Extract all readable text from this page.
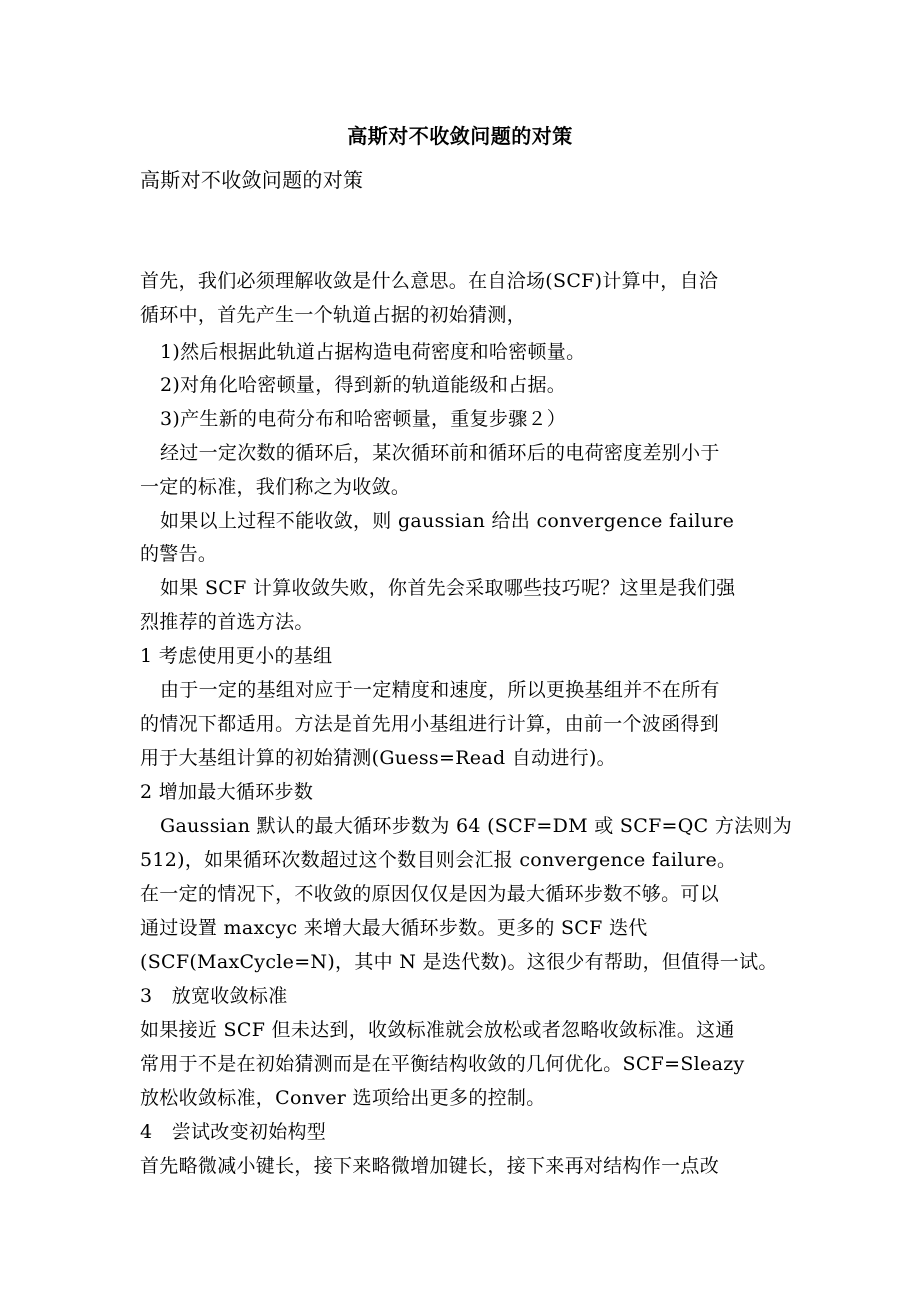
高斯对不收敛问题的对策
高斯对不收敛问题的对策
首先，我们必须理解收敛是什么意思。在自洽场(SCF)计算中，自洽
循环中，首先产生一个轨道占据的初始猜测，
1)然后根据此轨道占据构造电荷密度和哈密顿量。
2)对角化哈密顿量，得到新的轨道能级和占据。
3)产生新的电荷分布和哈密顿量，重复步骤２）
经过一定次数的循环后，某次循环前和循环后的电荷密度差别小于
一定的标准，我们称之为收敛。
如果以上过程不能收敛，则 gaussian 给出 convergence failure
的警告。
如果 SCF 计算收敛失败，你首先会采取哪些技巧呢？这里是我们强
烈推荐的首选方法。
1 考虑使用更小的基组
由于一定的基组对应于一定精度和速度，所以更换基组并不在所有
的情况下都适用。方法是首先用小基组进行计算，由前一个波函得到
用于大基组计算的初始猜测(Guess=Read 自动进行)。
2 增加最大循环步数
Gaussian 默认的最大循环步数为 64 (SCF=DM 或 SCF=QC 方法则为
512)，如果循环次数超过这个数目则会汇报 convergence failure。
在一定的情况下，不收敛的原因仅仅是因为最大循环步数不够。可以
通过设置 maxcyc 来增大最大循环步数。更多的 SCF 迭代
(SCF(MaxCycle=N)，其中 N 是迭代数)。这很少有帮助，但值得一试。
3　放宽收敛标准
如果接近 SCF 但未达到，收敛标准就会放松或者忽略收敛标准。这通
常用于不是在初始猜测而是在平衡结构收敛的几何优化。SCF=Sleazy
放松收敛标准，Conver 选项给出更多的控制。
4　尝试改变初始构型
首先略微减小键长，接下来略微增加键长，接下来再对结构作一点改
